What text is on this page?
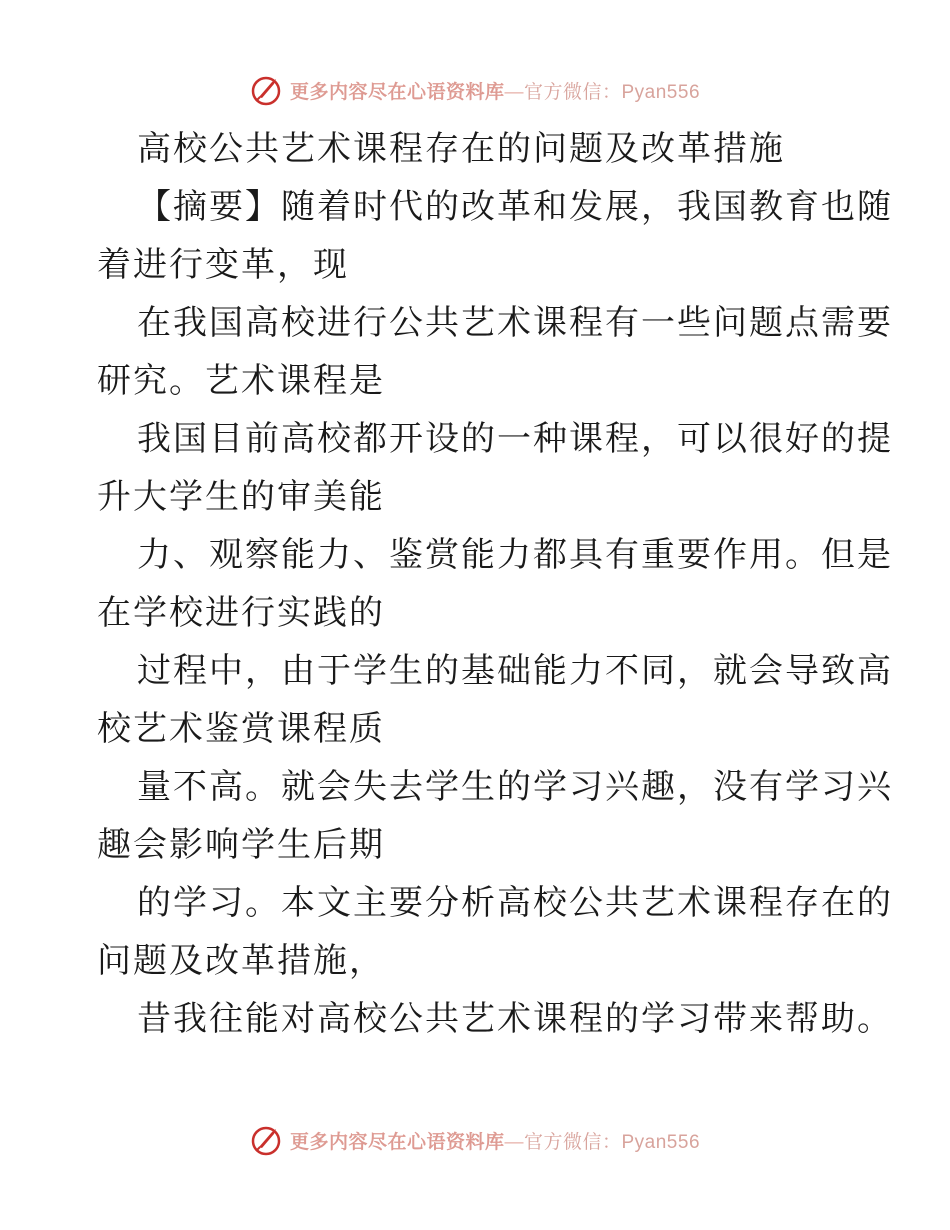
更多内容尽在心语资料库—官方微信：Pyan556
高校公共艺术课程存在的问题及改革措施

【摘要】随着时代的改革和发展，我国教育也随
着进行变革，现

在我国高校进行公共艺术课程有一些问题点需要
研究。艺术课程是

我国目前高校都开设的一种课程，可以很好的提
升大学生的审美能

力、观察能力、鉴赏能力都具有重要作用。但是
在学校进行实践的

过程中，由于学生的基础能力不同，就会导致高
校艺术鉴赏课程质

量不高。就会失去学生的学习兴趣，没有学习兴
趣会影响学生后期

的学习。本文主要分析高校公共艺术课程存在的
问题及改革措施，

昔我往能对高校公共艺术课程的学习带来帮助。

更多内容尽在心语资料库—官方微信：Pyan556
